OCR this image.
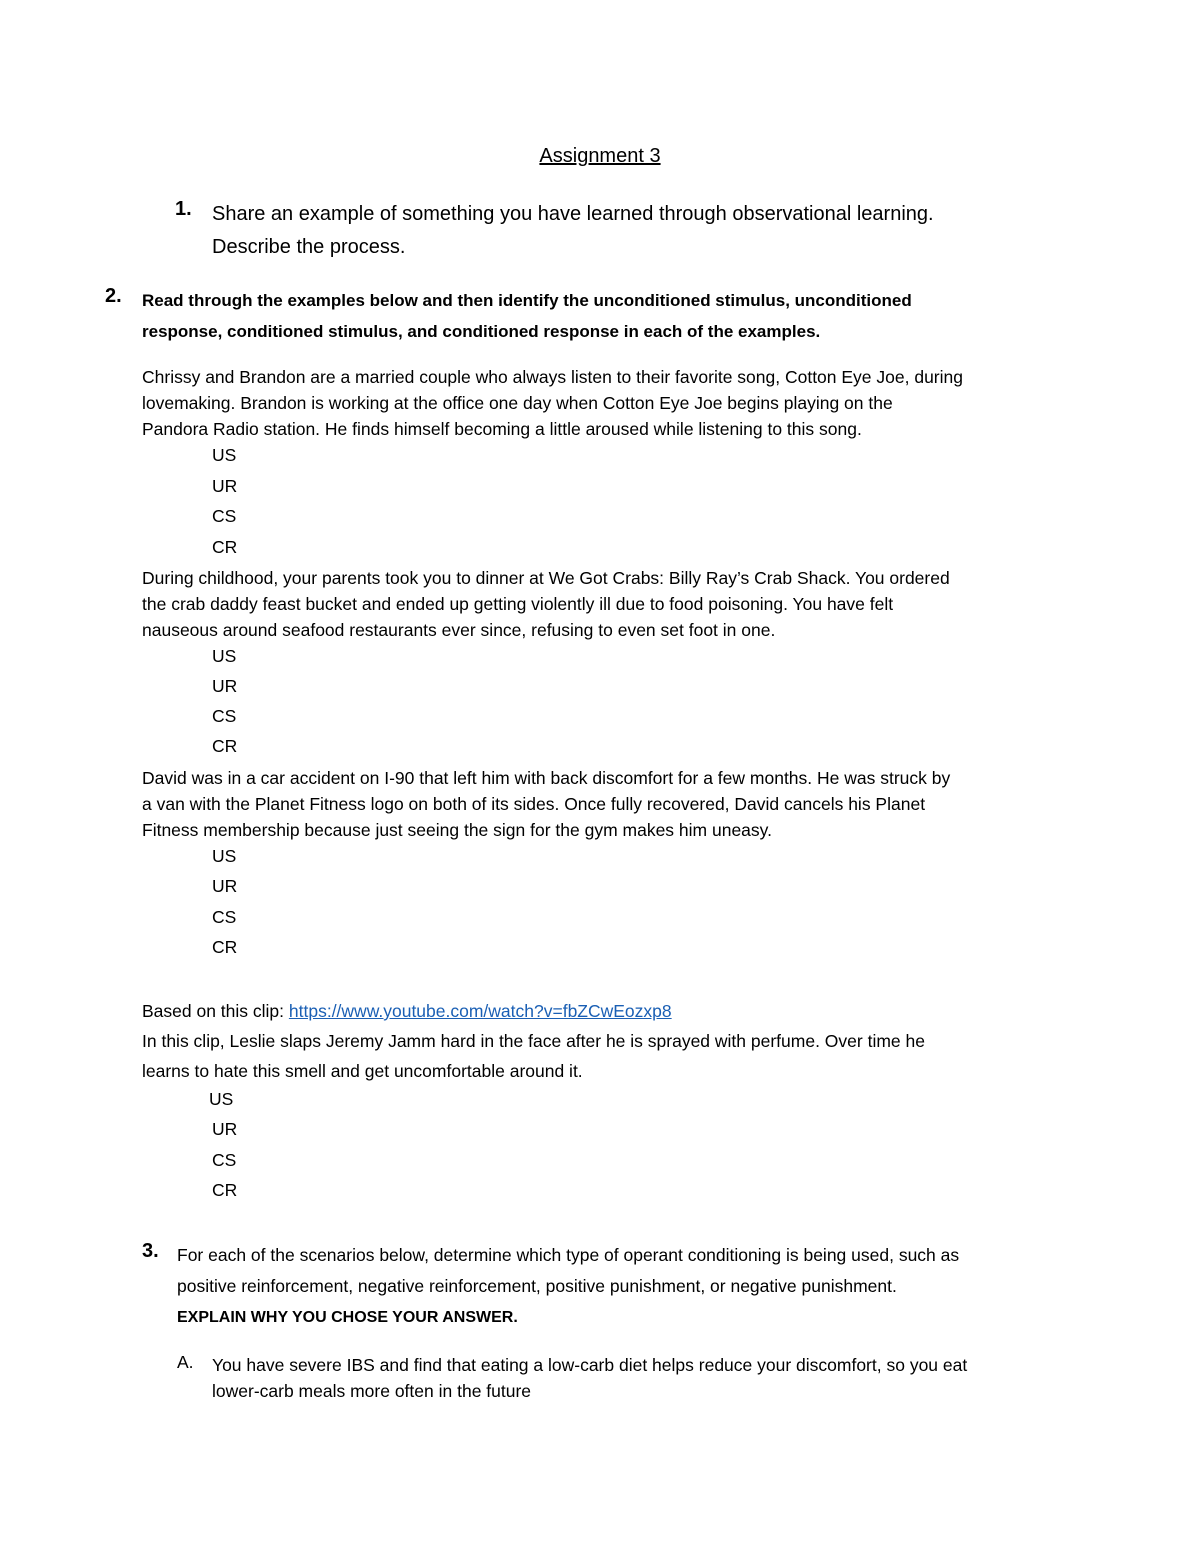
Assignment 3
1. Share an example of something you have learned through observational learning.
Describe the process.
2. Read through the examples below and then identify the unconditioned stimulus, unconditioned
response, conditioned stimulus, and conditioned response in each of the examples.
Chrissy and Brandon are a married couple who always listen to their favorite song, Cotton Eye Joe, during
lovemaking. Brandon is working at the office one day when Cotton Eye Joe begins playing on the
Pandora Radio station. He finds himself becoming a little aroused while listening to this song.
US
UR
CS
CR
During childhood, your parents took you to dinner at We Got Crabs: Billy Ray’s Crab Shack. You ordered
the crab daddy feast bucket and ended up getting violently ill due to food poisoning. You have felt
nauseous around seafood restaurants ever since, refusing to even set foot in one.
US
UR
CS
CR
David was in a car accident on I-90 that left him with back discomfort for a few months. He was struck by
a van with the Planet Fitness logo on both of its sides. Once fully recovered, David cancels his Planet
Fitness membership because just seeing the sign for the gym makes him uneasy.
US
UR
CS
CR
Based on this clip: https://www.youtube.com/watch?v=fbZCwEozxp8
In this clip, Leslie slaps Jeremy Jamm hard in the face after he is sprayed with perfume. Over time he
learns to hate this smell and get uncomfortable around it.
US
UR
CS
CR
3. For each of the scenarios below, determine which type of operant conditioning is being used, such as
positive reinforcement, negative reinforcement, positive punishment, or negative punishment.
EXPLAIN WHY YOU CHOSE YOUR ANSWER.
A. You have severe IBS and find that eating a low-carb diet helps reduce your discomfort, so you eat
lower-carb meals more often in the future
